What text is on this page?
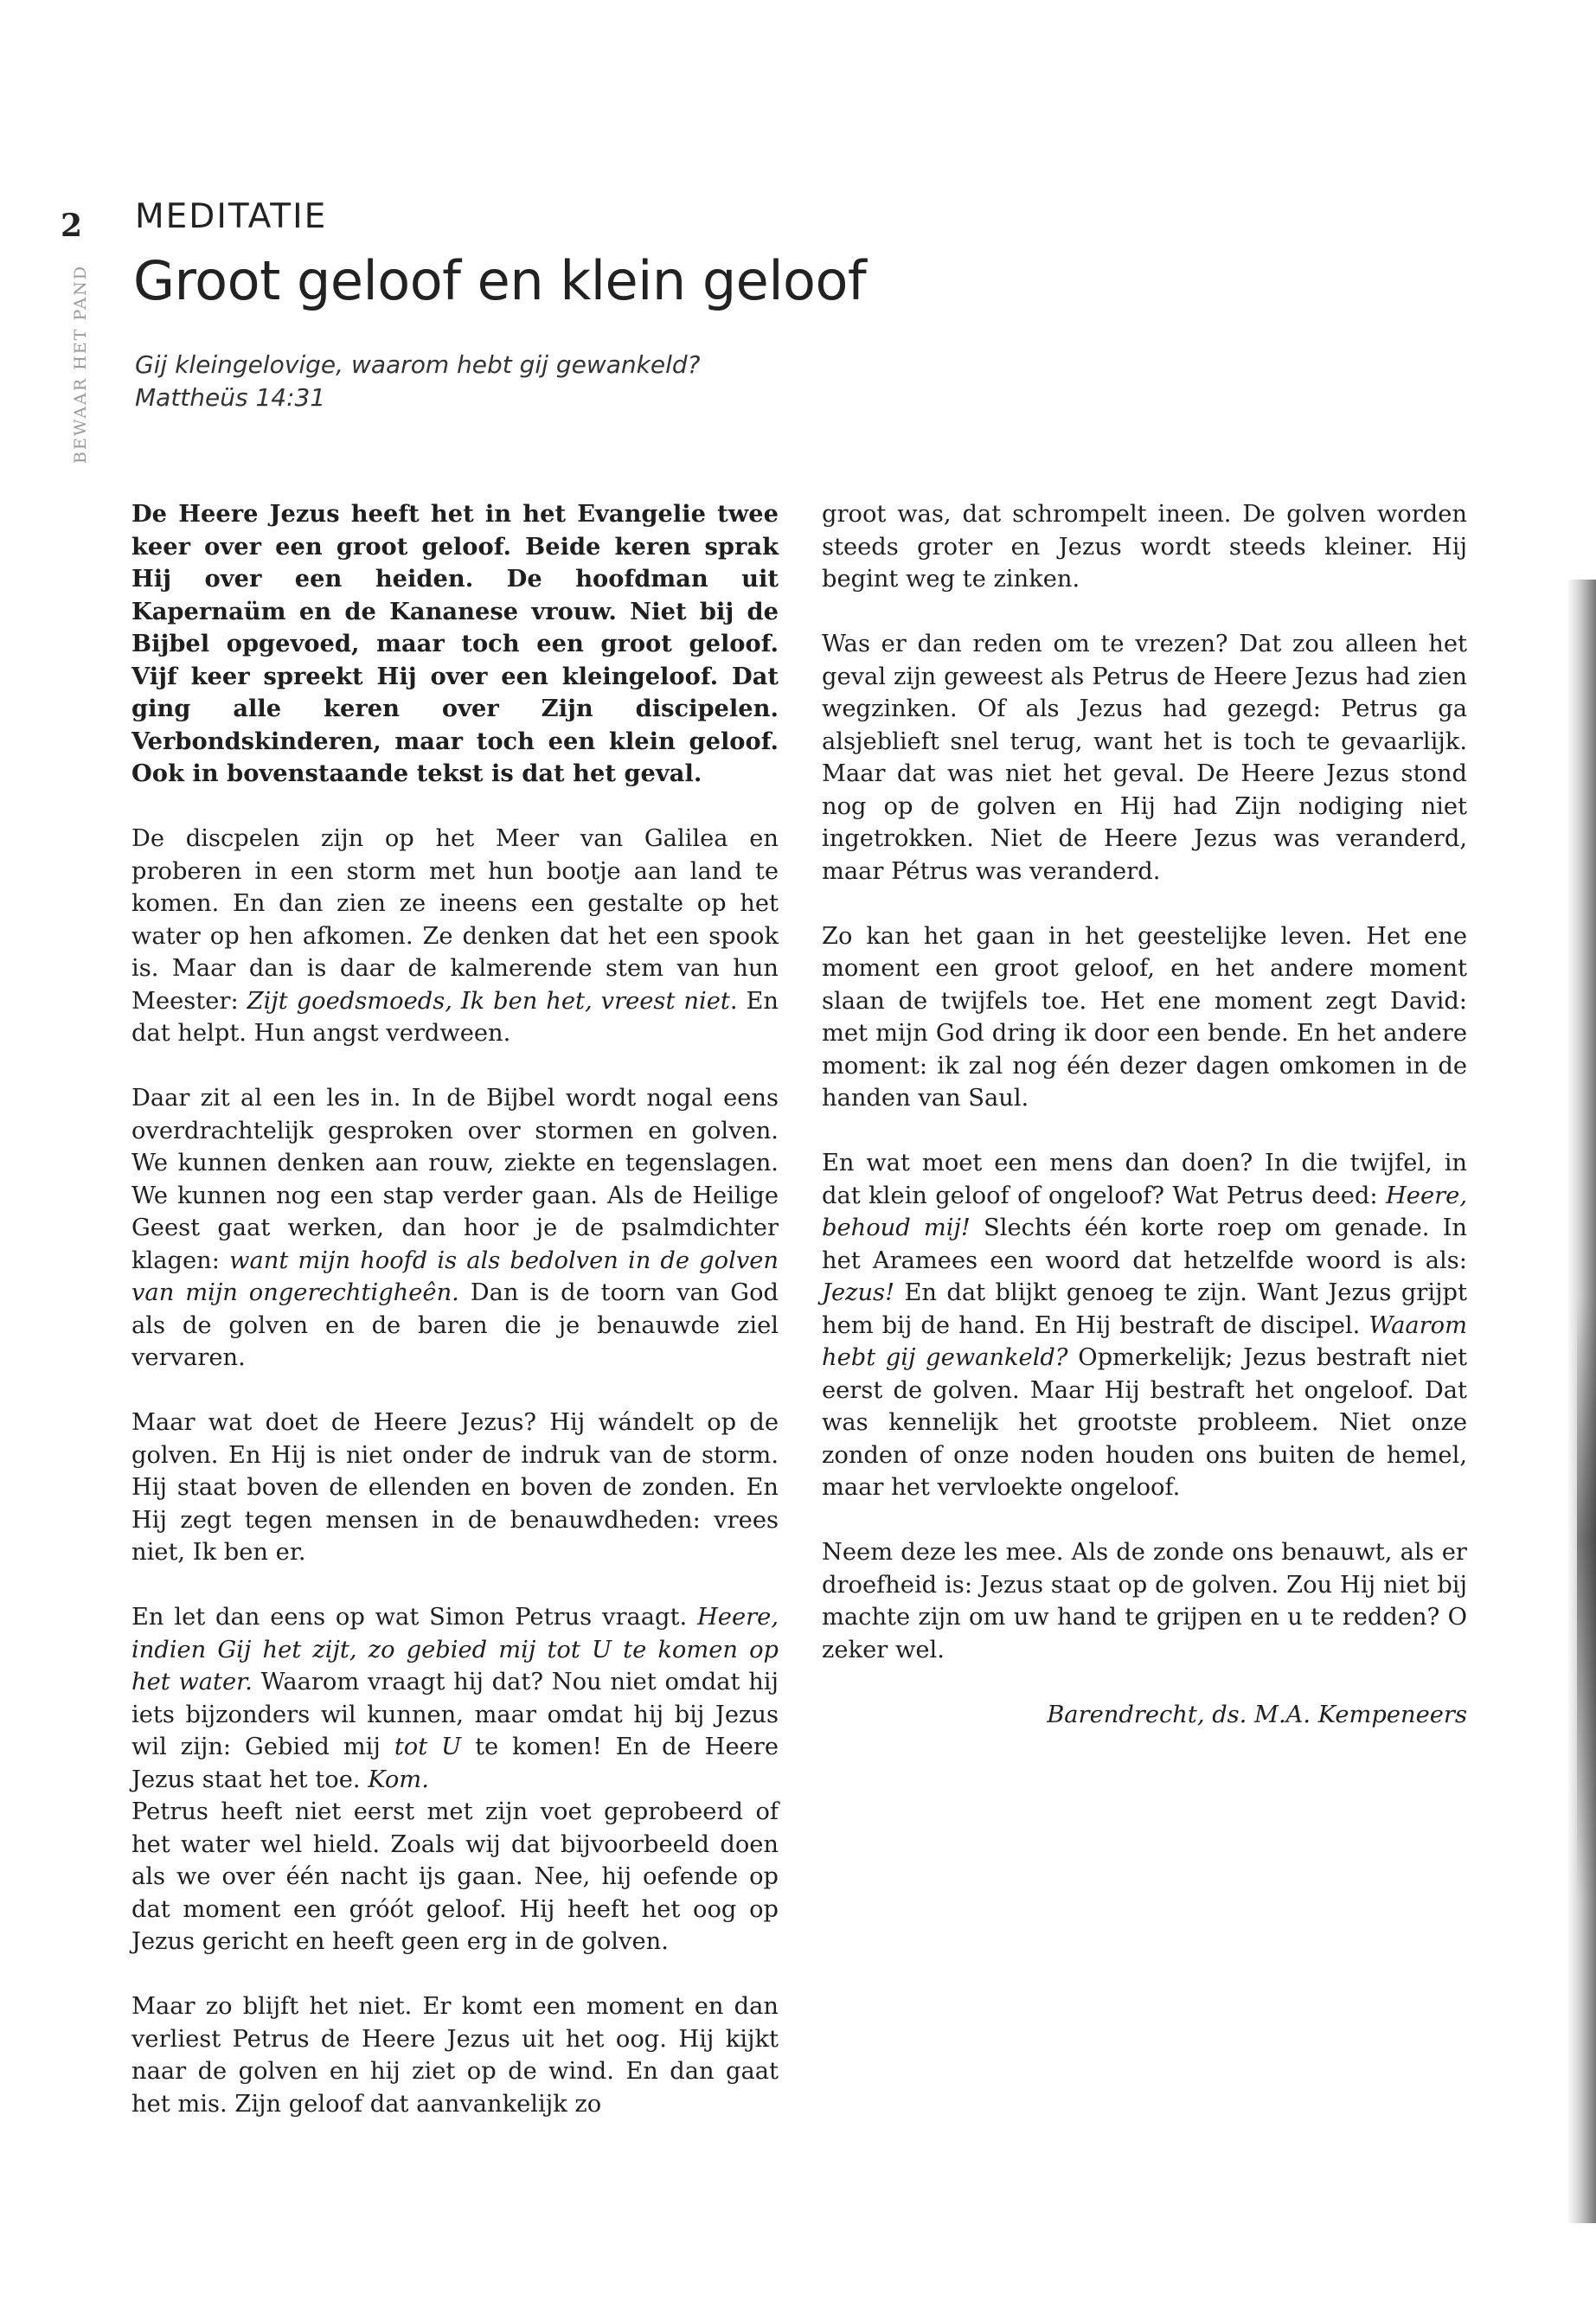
2
BEWAAR HET PAND
MEDITATIE
Groot geloof en klein geloof
Gij kleingelovige, waarom hebt gij gewankeld?
Mattheüs 14:31

De Heere Jezus heeft het in het Evangelie twee keer over een groot geloof. Beide keren sprak Hij over een heiden. De hoofdman uit Kapernaüm en de Kananese vrouw. Niet bij de Bijbel opgevoed, maar toch een groot geloof. Vijf keer spreekt Hij over een kleingeloof. Dat ging alle keren over Zijn discipelen. Verbondskinderen, maar toch een klein geloof. Ook in bovenstaande tekst is dat het geval.

De discpelen zijn op het Meer van Galilea en proberen in een storm met hun bootje aan land te komen. En dan zien ze ineens een gestalte op het water op hen afkomen. Ze denken dat het een spook is. Maar dan is daar de kalmerende stem van hun Meester: Zijt goedsmoeds, Ik ben het, vreest niet. En dat helpt. Hun angst verdween.

Daar zit al een les in. In de Bijbel wordt nogal eens overdrachtelijk gesproken over stormen en golven. We kunnen denken aan rouw, ziekte en tegenslagen. We kunnen nog een stap verder gaan. Als de Heilige Geest gaat werken, dan hoor je de psalmdichter klagen: want mijn hoofd is als bedolven in de golven van mijn ongerechtigheên. Dan is de toorn van God als de golven en de baren die je benauwde ziel vervaren.

Maar wat doet de Heere Jezus? Hij wándelt op de golven. En Hij is niet onder de indruk van de storm. Hij staat boven de ellenden en boven de zonden. En Hij zegt tegen mensen in de benauwdheden: vrees niet, Ik ben er.

En let dan eens op wat Simon Petrus vraagt. Heere, indien Gij het zijt, zo gebied mij tot U te komen op het water. Waarom vraagt hij dat? Nou niet omdat hij iets bijzonders wil kunnen, maar omdat hij bij Jezus wil zijn: Gebied mij tot U te komen! En de Heere Jezus staat het toe. Kom.

Petrus heeft niet eerst met zijn voet geprobeerd of het water wel hield. Zoals wij dat bijvoorbeeld doen als we over één nacht ijs gaan. Nee, hij oefende op dat moment een gróót geloof. Hij heeft het oog op Jezus gericht en heeft geen erg in de golven.

Maar zo blijft het niet. Er komt een moment en dan verliest Petrus de Heere Jezus uit het oog. Hij kijkt naar de golven en hij ziet op de wind. En dan gaat het mis. Zijn geloof dat aanvankelijk zo

groot was, dat schrompelt ineen. De golven worden steeds groter en Jezus wordt steeds kleiner. Hij begint weg te zinken.

Was er dan reden om te vrezen? Dat zou alleen het geval zijn geweest als Petrus de Heere Jezus had zien wegzinken. Of als Jezus had gezegd: Petrus ga alsjeblieft snel terug, want het is toch te gevaarlijk. Maar dat was niet het geval. De Heere Jezus stond nog op de golven en Hij had Zijn nodiging niet ingetrokken. Niet de Heere Jezus was veranderd, maar Pétrus was veranderd.

Zo kan het gaan in het geestelijke leven. Het ene moment een groot geloof, en het andere moment slaan de twijfels toe. Het ene moment zegt David: met mijn God dring ik door een bende. En het andere moment: ik zal nog één dezer dagen omkomen in de handen van Saul.

En wat moet een mens dan doen? In die twijfel, in dat klein geloof of ongeloof? Wat Petrus deed: Heere, behoud mij! Slechts één korte roep om genade. In het Aramees een woord dat hetzelfde woord is als: Jezus! En dat blijkt genoeg te zijn. Want Jezus grijpt hem bij de hand. En Hij bestraft de discipel. Waarom hebt gij gewankeld? Opmerkelijk; Jezus bestraft niet eerst de golven. Maar Hij bestraft het ongeloof. Dat was kennelijk het grootste probleem. Niet onze zonden of onze noden houden ons buiten de hemel, maar het vervloekte ongeloof.

Neem deze les mee. Als de zonde ons benauwt, als er droefheid is: Jezus staat op de golven. Zou Hij niet bij machte zijn om uw hand te grijpen en u te redden? O zeker wel.

Barendrecht, ds. M.A. Kempeneers
